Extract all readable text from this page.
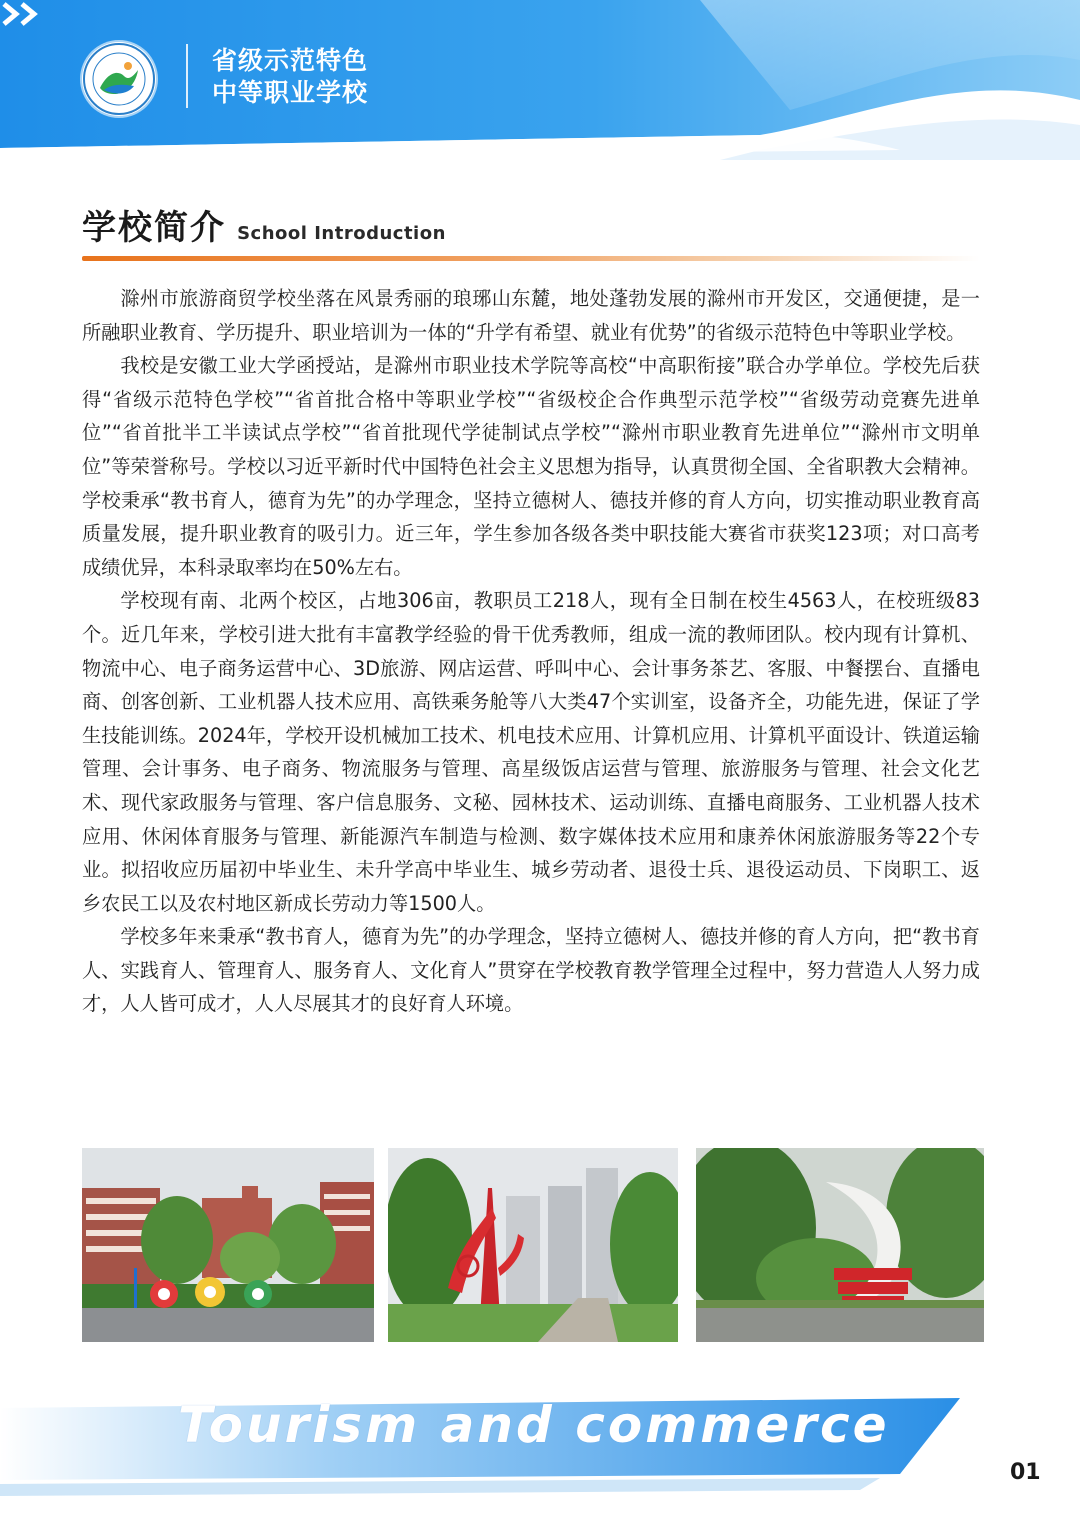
省级示范特色
中等职业学校
学校简介 School Introduction

滁州市旅游商贸学校坐落在风景秀丽的琅琊山东麓，地处蓬勃发展的滁州市开发区，交通便捷，是一所融职业教育、学历提升、职业培训为一体的“升学有希望、就业有优势”的省级示范特色中等职业学校。

我校是安徽工业大学函授站，是滁州市职业技术学院等高校“中高职衔接”联合办学单位。学校先后获得“省级示范特色学校”“省首批合格中等职业学校”“省级校企合作典型示范学校”“省级劳动竞赛先进单位”“省首批半工半读试点学校”“省首批现代学徒制试点学校”“滁州市职业教育先进单位”“滁州市文明单位”等荣誉称号。学校以习近平新时代中国特色社会主义思想为指导，认真贯彻全国、全省职教大会精神。学校秉承“教书育人，德育为先”的办学理念，坚持立德树人、德技并修的育人方向，切实推动职业教育高质量发展，提升职业教育的吸引力。近三年，学生参加各级各类中职技能大赛省市获奖123项；对口高考成绩优异，本科录取率均在50%左右。

学校现有南、北两个校区，占地306亩，教职员工218人，现有全日制在校生4563人，在校班级83个。近几年来，学校引进大批有丰富教学经验的骨干优秀教师，组成一流的教师团队。校内现有计算机、物流中心、电子商务运营中心、3D旅游、网店运营、呼叫中心、会计事务茶艺、客服、中餐摆台、直播电商、创客创新、工业机器人技术应用、高铁乘务舱等八大类47个实训室，设备齐全，功能先进，保证了学生技能训练。2024年，学校开设机械加工技术、机电技术应用、计算机应用、计算机平面设计、铁道运输管理、会计事务、电子商务、物流服务与管理、高星级饭店运营与管理、旅游服务与管理、社会文化艺术、现代家政服务与管理、客户信息服务、文秘、园林技术、运动训练、直播电商服务、工业机器人技术应用、休闲体育服务与管理、新能源汽车制造与检测、数字媒体技术应用和康养休闲旅游服务等22个专业。拟招收应历届初中毕业生、未升学高中毕业生、城乡劳动者、退役士兵、退役运动员、下岗职工、返乡农民工以及农村地区新成长劳动力等1500人。

学校多年来秉承“教书育人，德育为先”的办学理念，坚持立德树人、德技并修的育人方向，把“教书育人、实践育人、管理育人、服务育人、文化育人”贯穿在学校教育教学管理全过程中，努力营造人人努力成才，人人皆可成才，人人尽展其才的良好育人环境。

Tourism and commerce
01
